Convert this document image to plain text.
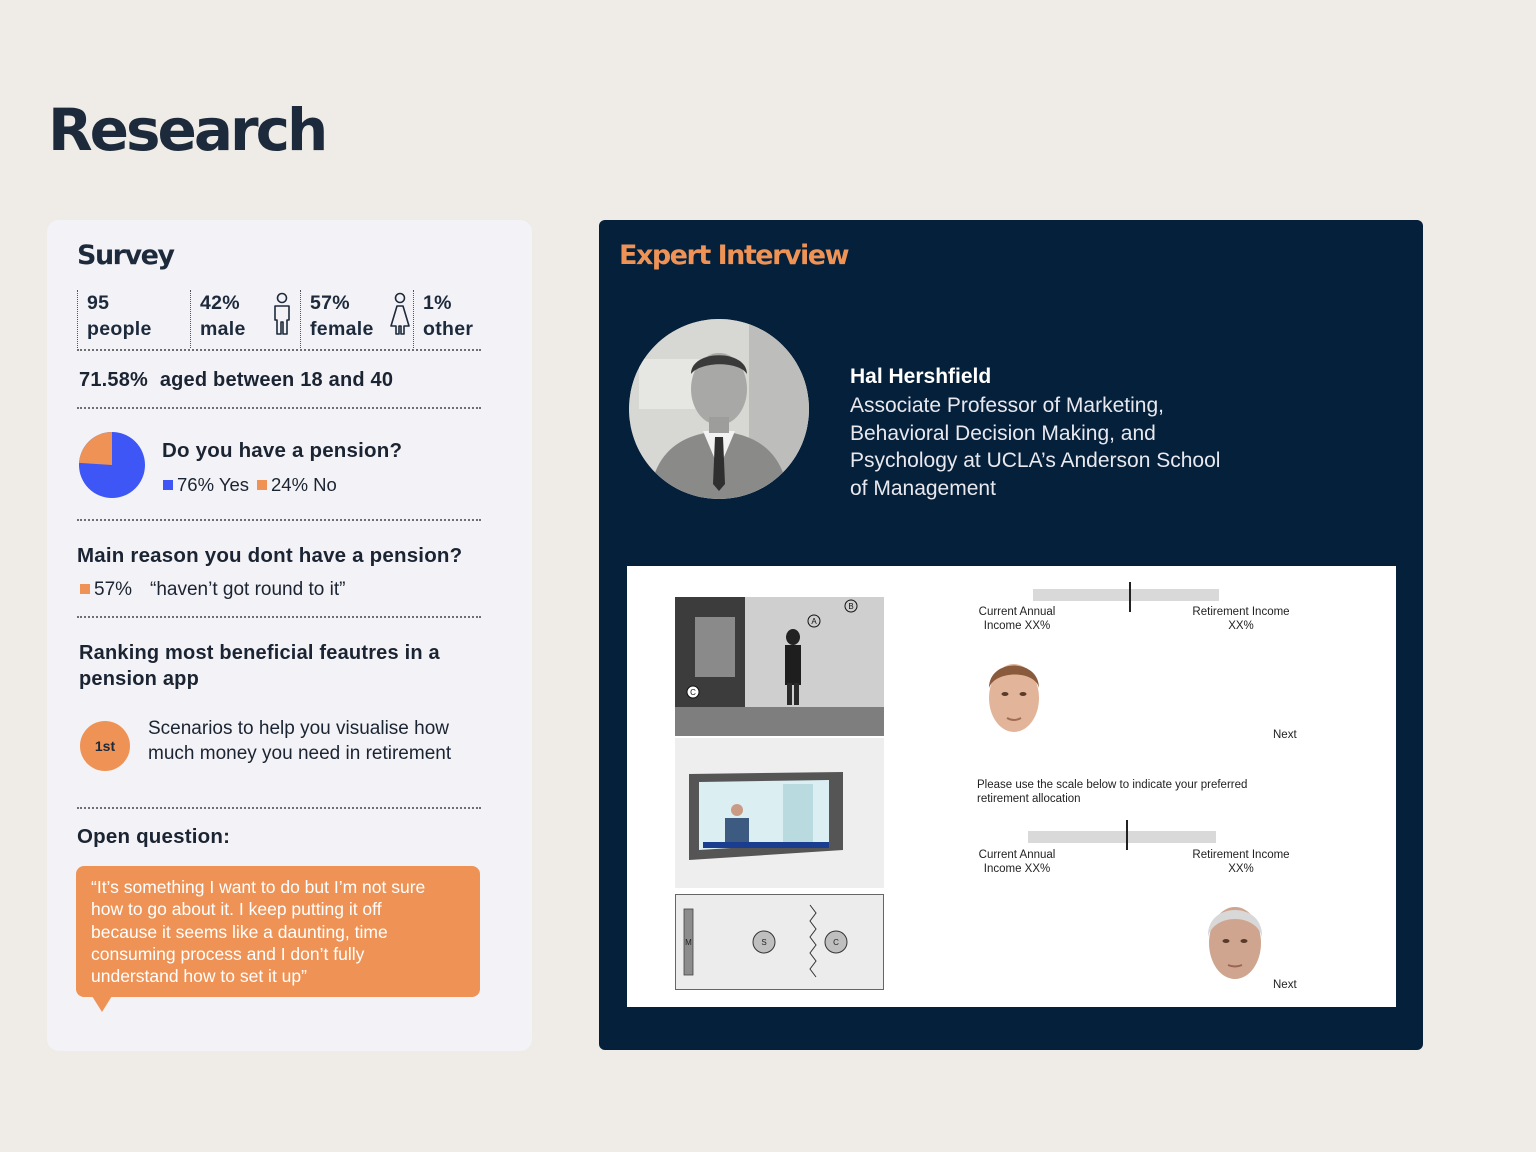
Research
Survey
95
people
42%
male
57%
female
1%
other
71.58% aged between 18 and 40
Do you have a pension?
76% Yes	24% No
Main reason you dont have a pension?
57% “haven’t got round to it”
Ranking most beneficial feautres in a pension app
1st
Scenarios to help you visualise how much money you need in retirement
Open question:
“It’s something I want to do but I’m not sure how to go about it. I keep putting it off because it seems like a daunting, time consuming process and I don’t fully understand how to set it up”
Expert Interview
Hal Hershfield
Associate Professor of Marketing, Behavioral Decision Making, and Psychology at UCLA’s Anderson School of Management
A
B
C
M	S	C
Current Annual Income XX%
Retirement Income XX%
Next
Please use the scale below to indicate your preferred retirement allocation
Current Annual Income XX%
Retirement Income XX%
Next
